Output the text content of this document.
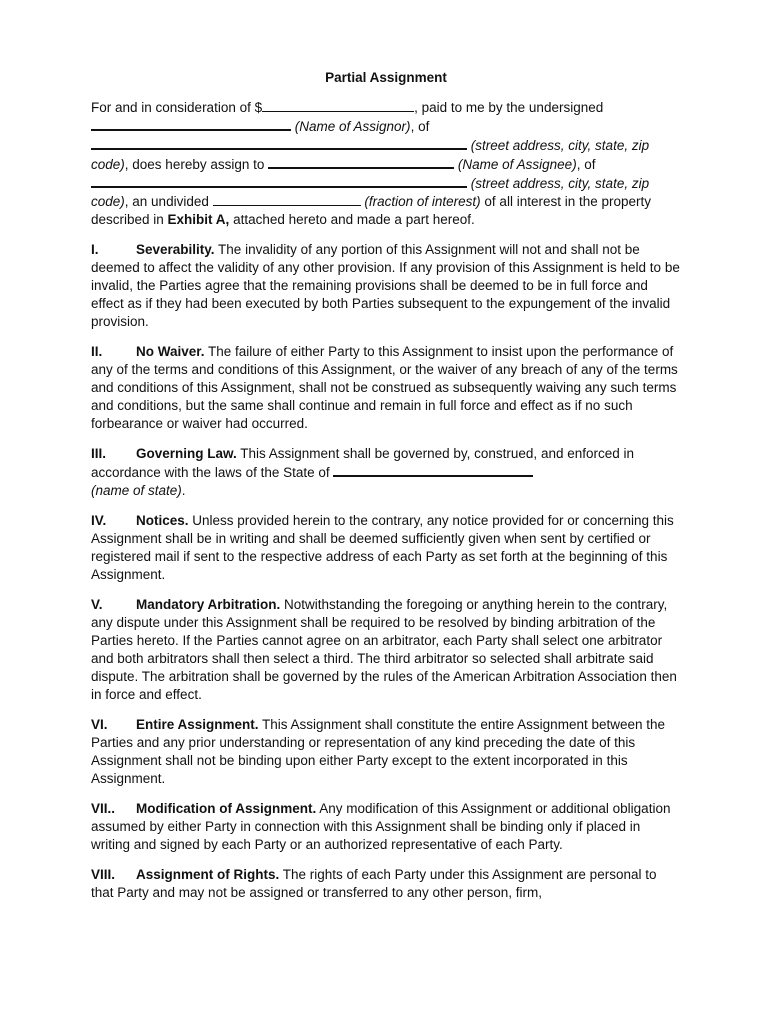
Partial Assignment

For and in consideration of $	, paid to me by the undersigned
(Name of Assignor), of
(street address, city, state, zip
code), does hereby assign to	(Name of Assignee), of
(street address, city, state, zip
code), an undivided	(fraction of interest) of all interest in the property described in Exhibit A, attached hereto and made a part hereof.

I.	Severability. The invalidity of any portion of this Assignment will not and shall not be deemed to affect the validity of any other provision. If any provision of this Assignment is held to be invalid, the Parties agree that the remaining provisions shall be deemed to be in full force and effect as if they had been executed by both Parties subsequent to the expungement of the invalid provision.

II. No Waiver. The failure of either Party to this Assignment to insist upon the performance of any of the terms and conditions of this Assignment, or the waiver of any breach of any of the terms and conditions of this Assignment, shall not be construed as subsequently waiving any such terms and conditions, but the same shall continue and remain in full force and effect as if no such forbearance or waiver had occurred.

III. Governing Law. This Assignment shall be governed by, construed, and enforced in accordance with the laws of the State of
(name of state).

IV. Notices. Unless provided herein to the contrary, any notice provided for or concerning this Assignment shall be in writing and shall be deemed sufficiently given when sent by certified or registered mail if sent to the respective address of each Party as set forth at the beginning of this Assignment.

V. Mandatory Arbitration. Notwithstanding the foregoing or anything herein to the contrary, any dispute under this Assignment shall be required to be resolved by binding arbitration of the Parties hereto. If the Parties cannot agree on an arbitrator, each Party shall select one arbitrator and both arbitrators shall then select a third. The third arbitrator so selected shall arbitrate said dispute. The arbitration shall be governed by the rules of the American Arbitration Association then in force and effect.

VI. Entire Assignment. This Assignment shall constitute the entire Assignment between the Parties and any prior understanding or representation of any kind preceding the date of this Assignment shall not be binding upon either Party except to the extent incorporated in this Assignment.

VII.. Modification of Assignment. Any modification of this Assignment or additional obligation assumed by either Party in connection with this Assignment shall be binding only if placed in writing and signed by each Party or an authorized representative of each Party.

VIII. Assignment of Rights. The rights of each Party under this Assignment are personal to that Party and may not be assigned or transferred to any other person, firm,
